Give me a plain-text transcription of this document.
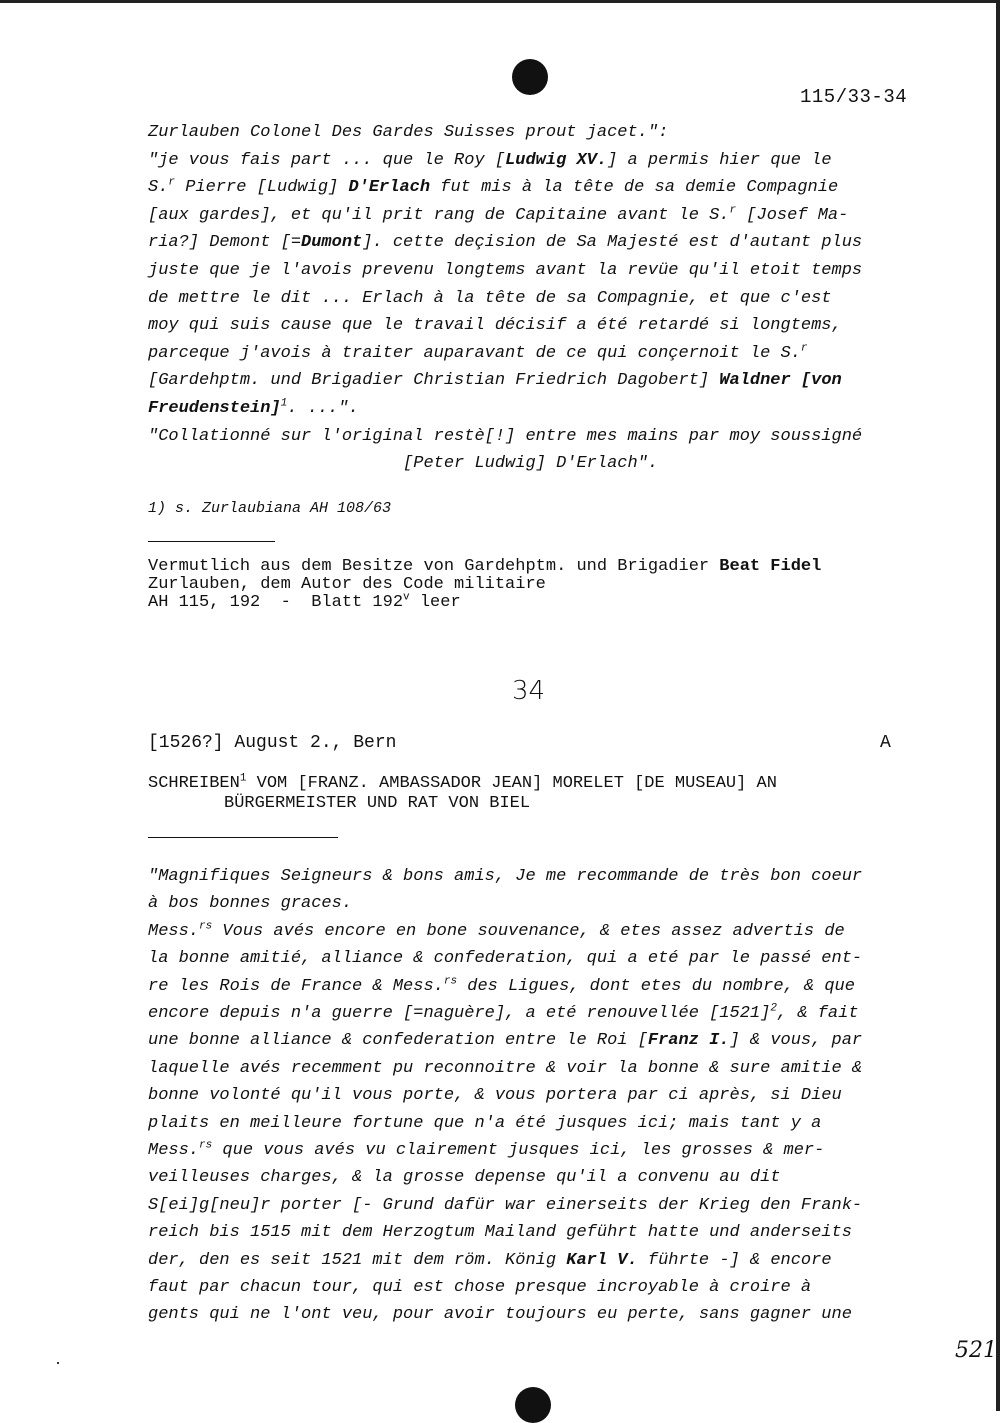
115/33-34
Zurlauben Colonel Des Gardes Suisses prout jacet.":
"je vous fais part ... que le Roy [Ludwig XV.] a permis hier que le
S.$^r$ Pierre [Ludwig] D'Erlach fut mis à la tête de sa demie Compagnie
[aux gardes], et qu'il prit rang de Capitaine avant le S.$^r$ [Josef Ma-
ria?] Demont [=Dumont]. cette deçision de Sa Majesté est d'autant plus
juste que je l'avois prevenu longtems avant la revüe qu'il etoit temps
de mettre le dit ... Erlach à la tête de sa Compagnie, et que c'est
moy qui suis cause que le travail décisif a été retardé si longtems,
parceque j'avois à traiter auparavant de ce qui conçernoit le S.$^r$
[Gardehptm. und Brigadier Christian Friedrich Dagobert] Waldner [von
Freudenstein]$^1$. ...".
"Collationné sur l'original restè[!] entre mes mains par moy soussigné
[Peter Ludwig] D'Erlach".
1) s. Zurlaubiana AH 108/63
Vermutlich aus dem Besitze von Gardehptm. und Brigadier Beat Fidel
Zurlauben, dem Autor des Code militaire
AH 115, 192  -  Blatt 192$^v$ leer
34
[1526?] August 2., Bern	A
SCHREIBEN$^1$ VOM [FRANZ. AMBASSADOR JEAN] MORELET [DE MUSEAU] AN
BÜRGERMEISTER UND RAT VON BIEL
"Magnifiques Seigneurs & bons amis, Je me recommande de très bon coeur
à bos bonnes graces.
Mess.$^{rs}$ Vous avés encore en bone souvenance, & etes assez advertis de
la bonne amitié, alliance & confederation, qui a eté par le passé ent-
re les Rois de France & Mess.$^{rs}$ des Ligues, dont etes du nombre, & que
encore depuis n'a guerre [=naguère], a eté renouvellée $[1521]^2$, & fait
une bonne alliance & confederation entre le Roi [Franz I.] & vous, par
laquelle avés recemment pu reconnoitre & voir la bonne & sure amitie &
bonne volonté qu'il vous porte, & vous portera par ci après, si Dieu
plaits en meilleure fortune que n'a été jusques ici; mais tant y a
Mess.$^{rs}$ que vous avés vu clairement jusques ici, les grosses & mer-
veilleuses charges, & la grosse depense qu'il a convenu au dit
S[ei]g[neu]r porter [- Grund dafür war einerseits der Krieg den Frank-
reich bis 1515 mit dem Herzogtum Mailand geführt hatte und anderseits
der, den es seit 1521 mit dem röm. König Karl V. führte -] & encore
faut par chacun tour, qui est chose presque incroyable à croire à
gents qui ne l'ont veu, pour avoir toujours eu perte, sans gagner une
521
